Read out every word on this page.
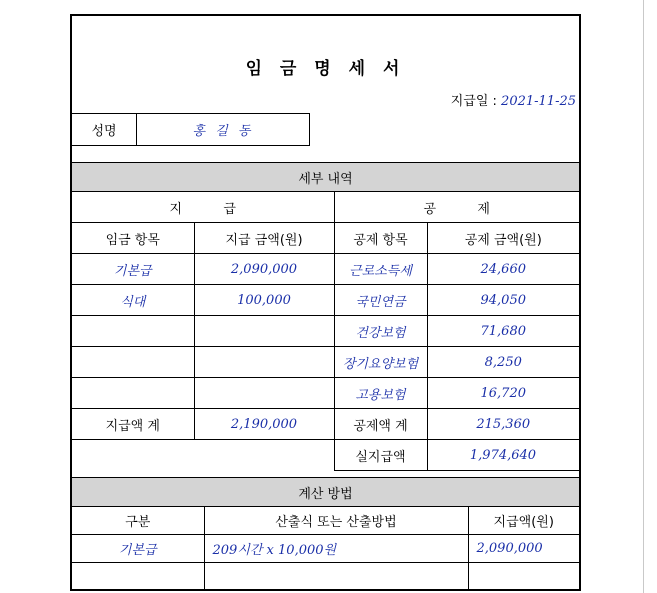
임 금 명 세 서
지급일 : 2021-11-25
성명	홍 길 동
세부 내역			
지          급		공          제	
임금 항목	지급 금액(원)	공제 항목	공제 금액(원)
기본급	2,090,000	근로소득세	24,660
식대	100,000	국민연금	94,050
		건강보험	71,680
		장기요양보험	8,250
		고용보험	16,720
지급액 계	2,190,000	공제액 계	215,360
		실지급액	1,974,640
계산 방법		
구분	산출식 또는 산출방법	지급액(원)
기본급	209시간 x 10,000원	2,090,000
